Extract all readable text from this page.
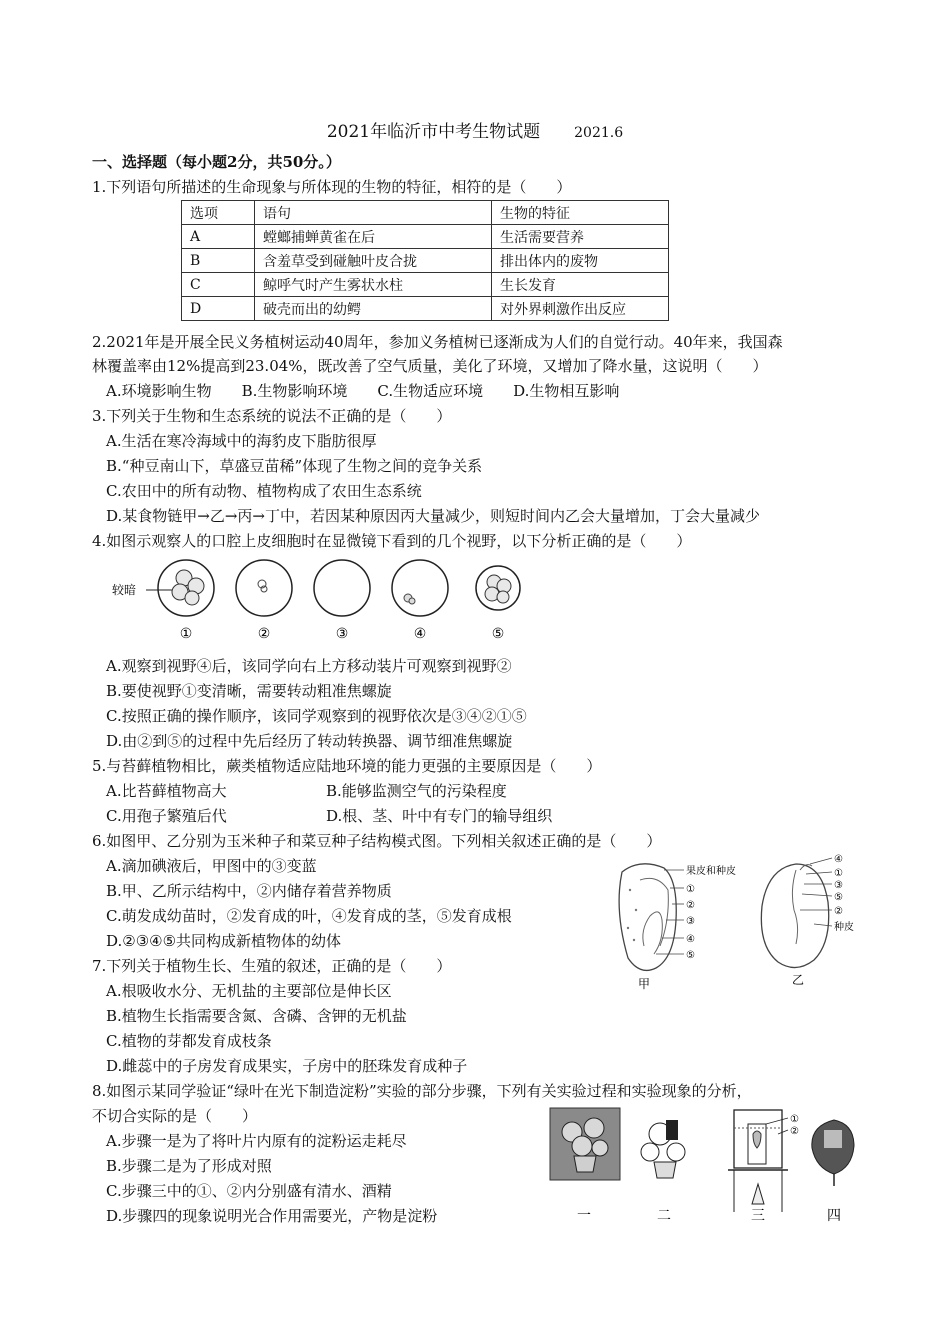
2021年临沂市中考生物试题 2021.6
一、选择题（每小题2分，共50分。）
1.下列语句所描述的生命现象与所体现的生物的特征，相符的是（　　）
选项	语句	生物的特征
A	螳螂捕蝉黄雀在后	生活需要营养
B	含羞草受到碰触叶皮合拢	排出体内的废物
C	鲸呼气时产生雾状水柱	生长发育
D	破壳而出的幼鳄	对外界刺激作出反应
2.2021年是开展全民义务植树运动40周年，参加义务植树已逐渐成为人们的自觉行动。40年来，我国森
林覆盖率由12%提高到23.04%，既改善了空气质量，美化了环境，又增加了降水量，这说明（　　）
A.环境影响生物　　B.生物影响环境　　C.生物适应环境　　D.生物相互影响
3.下列关于生物和生态系统的说法不正确的是（　　）
A.生活在寒冷海域中的海豹皮下脂肪很厚
B.“种豆南山下，草盛豆苗稀”体现了生物之间的竞争关系
C.农田中的所有动物、植物构成了农田生态系统
D.某食物链甲→乙→丙→丁中，若因某种原因丙大量减少，则短时间内乙会大量增加，丁会大量减少
4.如图示观察人的口腔上皮细胞时在显微镜下看到的几个视野，以下分析正确的是（　　）
较暗
①	②	③	④	⑤
A.观察到视野④后，该同学向右上方移动装片可观察到视野②
B.要使视野①变清晰，需要转动粗准焦螺旋
C.按照正确的操作顺序，该同学观察到的视野依次是③④②①⑤
D.由②到⑤的过程中先后经历了转动转换器、调节细准焦螺旋
5.与苔藓植物相比，蕨类植物适应陆地环境的能力更强的主要原因是（　　）
A.比苔藓植物高大	B.能够监测空气的污染程度
C.用孢子繁殖后代	D.根、茎、叶中有专门的输导组织
6.如图甲、乙分别为玉米种子和菜豆种子结构模式图。下列相关叙述正确的是（　　）
A.滴加碘液后，甲图中的③变蓝
B.甲、乙所示结构中，②内储存着营养物质
C.萌发成幼苗时，②发育成的叶，④发育成的茎，⑤发育成根
D.②③④⑤共同构成新植物体的幼体
果皮和种皮
①
②
③
④
⑤
甲
④
①
③
⑤
②
种皮
乙
7.下列关于植物生长、生殖的叙述，正确的是（　　）
A.根吸收水分、无机盐的主要部位是伸长区
B.植物生长指需要含氮、含磷、含钾的无机盐
C.植物的芽都发育成枝条
D.雌蕊中的子房发育成果实，子房中的胚珠发育成种子
8.如图示某同学验证“绿叶在光下制造淀粉”实验的部分步骤，下列有关实验过程和实验现象的分析，
不切合实际的是（　　）
A.步骤一是为了将叶片内原有的淀粉运走耗尽
B.步骤二是为了形成对照
C.步骤三中的①、②内分别盛有清水、酒精
D.步骤四的现象说明光合作用需要光，产物是淀粉
①
②
一	二	三	四
